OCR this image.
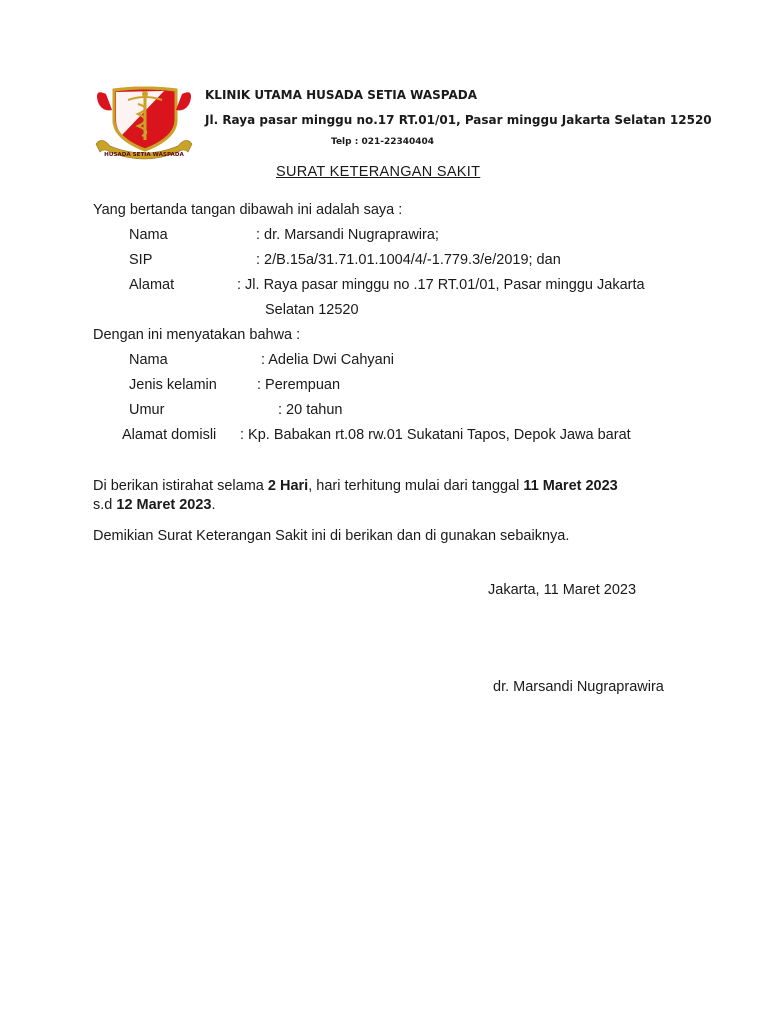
HUSADA SETIA WASPADA
KLINIK UTAMA HUSADA SETIA WASPADA
Jl. Raya pasar minggu no.17 RT.01/01, Pasar minggu Jakarta Selatan 12520
Telp : 021-22340404
SURAT KETERANGAN SAKIT
Yang bertanda tangan dibawah ini adalah saya :
Nama	: dr. Marsandi Nugraprawira;
SIP	: 2/B.15a/31.71.01.1004/4/-1.779.3/e/2019; dan
Alamat	: Jl. Raya pasar minggu no .17 RT.01/01, Pasar minggu Jakarta
Selatan 12520
Dengan ini menyatakan bahwa :
Nama	: Adelia Dwi Cahyani
Jenis kelamin	: Perempuan
Umur	: 20 tahun
Alamat domisli : Kp. Babakan rt.08 rw.01 Sukatani Tapos, Depok Jawa barat
Di berikan istirahat selama 2 Hari, hari terhitung mulai dari tanggal 11 Maret 2023
s.d 12 Maret 2023.
Demikian Surat Keterangan Sakit ini di berikan dan di gunakan sebaiknya.
Jakarta, 11 Maret 2023
dr. Marsandi Nugraprawira
